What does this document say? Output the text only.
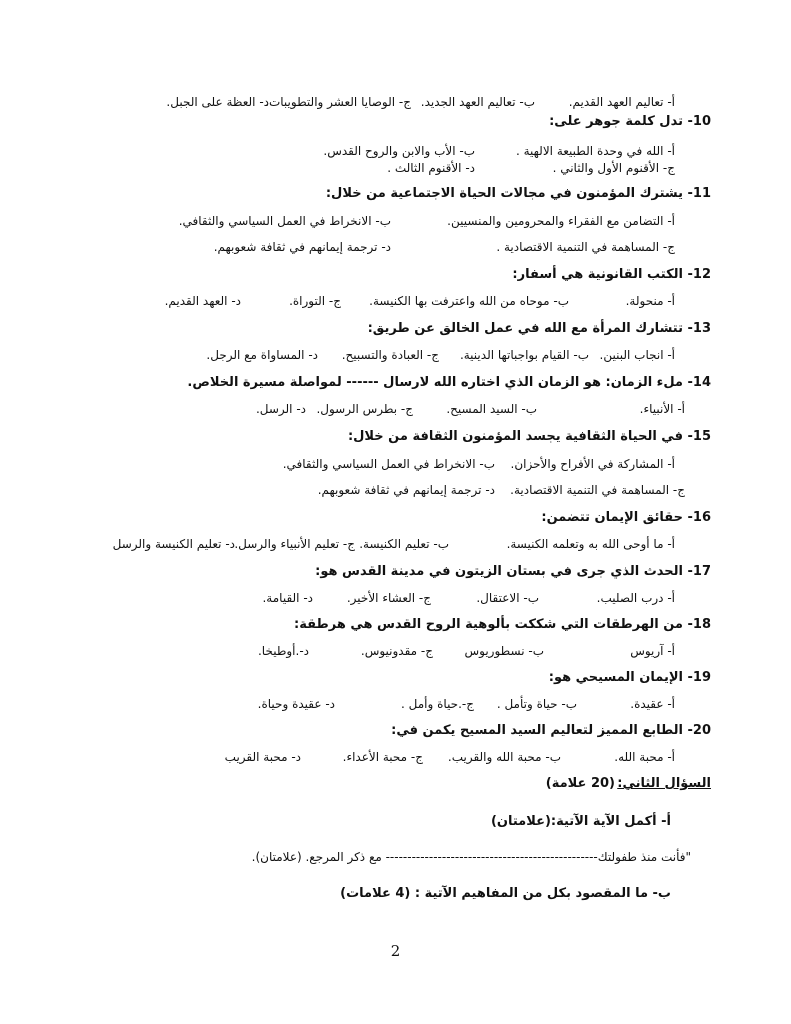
أ- تعاليم العهد القديم.
ب- تعاليم العهد الجديد.
ج- الوصايا العشر والتطويبات.
د- العظة على الجبل.
10- تدل كلمة جوهر على:
أ- الله في وحدة الطبيعة الالهية .
ب- الأب والابن والروح القدس.
ج- الأقنوم الأول والثاني .
د- الأقنوم الثالث .
11- يشترك المؤمنون في مجالات الحياة الاجتماعية من خلال:
أ- التضامن مع الفقراء والمحرومين والمنسيين.
ب- الانخراط في العمل السياسي والثقافي.
ج- المساهمة في التنمية الاقتصادية .
د- ترجمة إيمانهم في ثقافة شعوبهم.
12- الكتب القانونية هي أسفار:
أ- منحولة.
ب- موحاه من الله واعترفت بها الكنيسة.
ج- التوراة.
د- العهد القديم.
13- تتشارك المرأة مع الله في عمل الخالق عن طريق:
أ- انجاب البنين.
ب- القيام بواجباتها الدينية.
ج- العبادة والتسبيح.
د- المساواة مع الرجل.
14- ملء الزمان: هو الزمان الذي اختاره الله لارسال ------ لمواصلة مسيرة الخلاص.
أ- الأنبياء.
ب- السيد المسيح.
ج- بطرس الرسول.
د- الرسل.
15- في الحياة الثقافية يجسد المؤمنون الثقافة من خلال:
أ- المشاركة في الأفراح والأحزان.
ب- الانخراط في العمل السياسي والثقافي.
ج- المساهمة في التنمية الاقتصادية.
د- ترجمة إيمانهم في ثقافة شعوبهم.
16- حقائق الإيمان تتضمن:
أ- ما أوحى الله به وتعلمه الكنيسة.
ب- تعليم الكنيسة.
ج- تعليم الأنبياء والرسل.
د- تعليم الكنيسة والرسل
17- الحدث الذي جرى في بستان الزيتون في مدينة القدس هو:
أ- درب الصليب.
ب- الاعتقال.
ج- العشاء الأخير.
د- القيامة.
18- من الهرطقات التي شككت بألوهية الروح القدس هي هرطقة:
أ- آريوس
ب- نسطوريوس
ج- مقدونيوس.
د-.أوطيخا.
19- الإيمان المسيحي هو:
أ- عقيدة.
ب- حياة وتأمل .
ج-.حياة وأمل .
د- عقيدة وحياة.
20- الطابع المميز لتعاليم السيد المسيح يكمن في:
أ- محبة الله.
ب- محبة الله والقريب.
ج- محبة الأعداء.
د- محبة القريب
السؤال الثاني:
(20 علامة)
أ- أكمل الآية الآتية:(علامتان)
"فأنت منذ طفولتك------------------------------------------------- مع ذكر المرجع. (علامتان).
ب- ما المقصود بكل من المفاهيم الآتية : (4 علامات)
2
